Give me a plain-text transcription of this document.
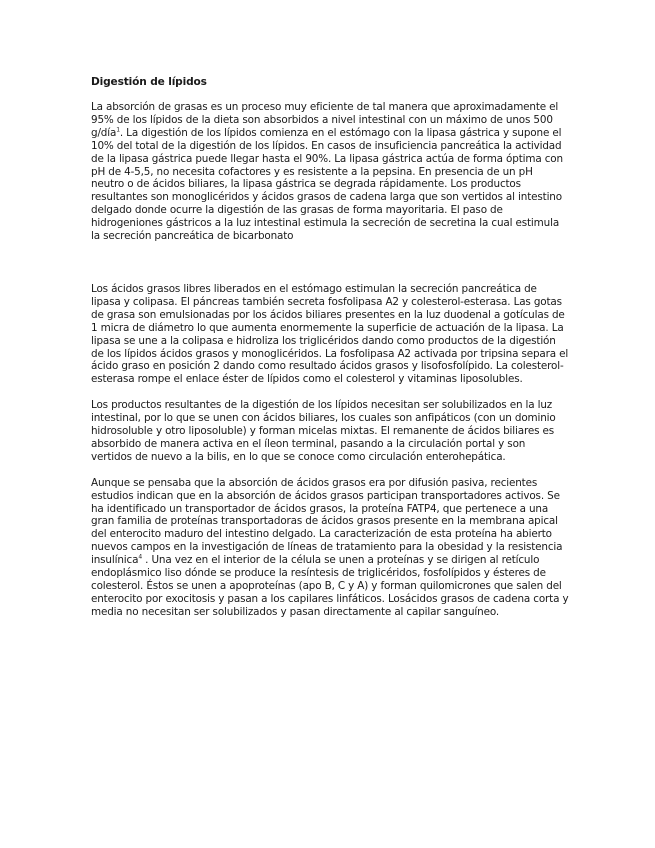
Digestión de lípidos

La absorción de grasas es un proceso muy eficiente de tal manera que aproximadamente el 95% de los lípidos de la dieta son absorbidos a nivel intestinal con un máximo de unos 500 g/día$^1$. La digestión de los lípidos comienza en el estómago con la lipasa gástrica y supone el 10% del total de la digestión de los lípidos. En casos de insuficiencia pancreática la actividad de la lipasa gástrica puede llegar hasta el 90%. La lipasa gástrica actúa de forma óptima con pH de 4-5,5, no necesita cofactores y es resistente a la pepsina. En presencia de un pH neutro o de ácidos biliares, la lipasa gástrica se degrada rápidamente. Los productos resultantes son monoglicéridos y ácidos grasos de cadena larga que son vertidos al intestino delgado donde ocurre la digestión de las grasas de forma mayoritaria. El paso de hidrogeniones gástricos a la luz intestinal estimula la secreción de secretina la cual estimula la secreción pancreática de bicarbonato

Los ácidos grasos libres liberados en el estómago estimulan la secreción pancreática de lipasa y colipasa. El páncreas también secreta fosfolipasa A2 y colesterol-esterasa. Las gotas de grasa son emulsionadas por los ácidos biliares presentes en la luz duodenal a gotículas de 1 micra de diámetro lo que aumenta enormemente la superficie de actuación de la lipasa. La lipasa se une a la colipasa e hidroliza los triglicéridos dando como productos de la digestión de los lípidos ácidos grasos y monoglicéridos. La fosfolipasa A2 activada por tripsina separa el ácido graso en posición 2 dando como resultado ácidos grasos y lisofosfolípido. La colesterol-esterasa rompe el enlace éster de lípidos como el colesterol y vitaminas liposolubles.

Los productos resultantes de la digestión de los lípidos necesitan ser solubilizados en la luz intestinal, por lo que se unen con ácidos biliares, los cuales son anfipáticos (con un dominio hidrosoluble y otro liposoluble) y forman micelas mixtas. El remanente de ácidos biliares es absorbido de manera activa en el íleon terminal, pasando a la circulación portal y son vertidos de nuevo a la bilis, en lo que se conoce como circulación enterohepática.

Aunque se pensaba que la absorción de ácidos grasos era por difusión pasiva, recientes estudios indican que en la absorción de ácidos grasos participan transportadores activos. Se ha identificado un transportador de ácidos grasos, la proteína FATP4, que pertenece a una gran familia de proteínas transportadoras de ácidos grasos presente en la membrana apical del enterocito maduro del intestino delgado. La caracterización de esta proteína ha abierto nuevos campos en la investigación de líneas de tratamiento para la obesidad y la resistencia insulínica$^4$ . Una vez en el interior de la célula se unen a proteínas y se dirigen al retículo endoplásmico liso dónde se produce la resíntesis de triglicéridos, fosfolípidos y ésteres de colesterol. Éstos se unen a apoproteínas (apo B, C y A) y forman quilomicrones que salen del enterocito por exocitosis y pasan a los capilares linfáticos. Losácidos grasos de cadena corta y media no necesitan ser solubilizados y pasan directamente al capilar sanguíneo.
